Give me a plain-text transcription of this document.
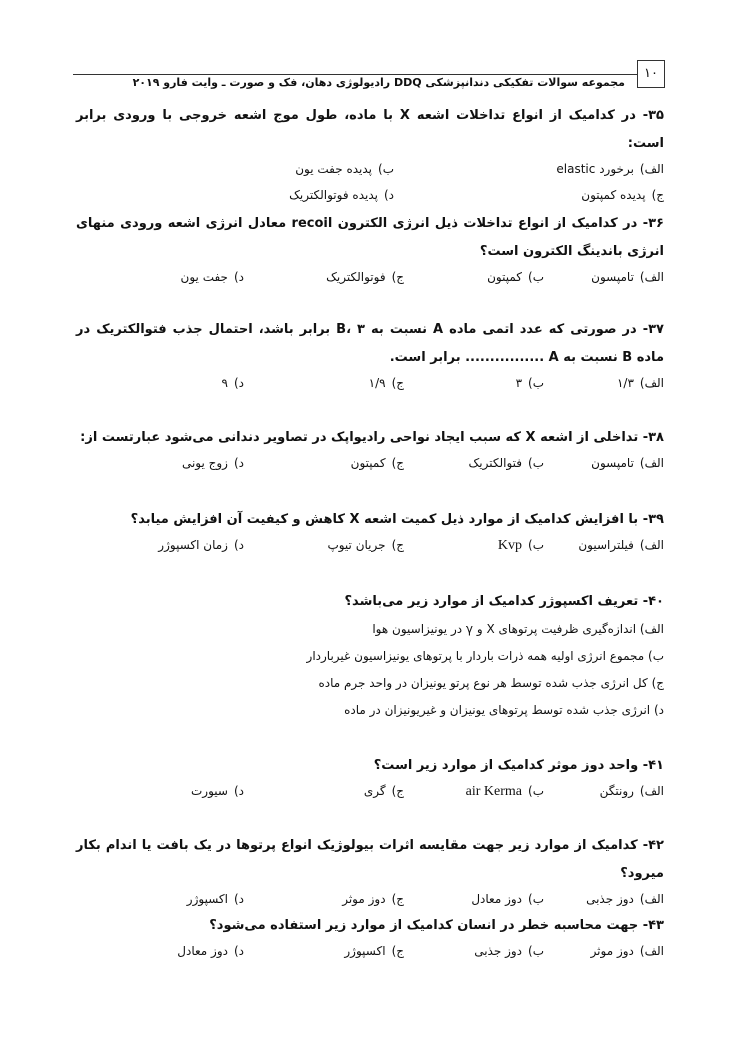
۱۰
مجموعه سوالات تفکیکی دندانپزشکی DDQ رادیولوژی دهان، فک و صورت ـ وایت فارو ۲۰۱۹

۳۵- در کدامیک از انواع تداخلات اشعه X با ماده، طول موج اشعه خروجی با ورودی برابر است:

الف)برخورد elastic
ب)پدیده جفت یون
ج)پدیده کمپتون
د)پدیده فوتوالکتریک

۳۶- در کدامیک از انواع تداخلات ذیل انرژی الکترون recoil معادل انرژی اشعه ورودی منهای انرژی باندینگ الکترون است؟

الف)تامپسون
ب)کمپتون
ج)فوتوالکتریک
د)جفت یون

۳۷- در صورتی که عدد اتمی ماده A نسبت به B، ۳ برابر باشد، احتمال جذب فتوالکتریک در ماده B نسبت به A ................ برابر است.

الف)۱/۳
ب)۳
ج)۱/۹
د)۹

۳۸- تداخلی از اشعه X که سبب ایجاد نواحی رادیواپک در تصاویر دندانی می‌شود عبارتست از:

الف)تامپسون
ب)فتوالکتریک
ج)کمپتون
د)زوج یونی

۳۹- با افزایش کدامیک از موارد ذیل کمیت اشعه X کاهش و کیفیت آن افزایش میابد؟

الف)فیلتراسیون
ب)Kvp
ج)جریان تیوپ
د)زمان اکسپوژر

۴۰- تعریف اکسپوژر کدامیک از موارد زیر می‌باشد؟

الف) اندازه‌گیری ظرفیت پرتوهای X و γ در یونیزاسیون هوا
ب) مجموع انرژی اولیه همه ذرات باردار با پرتوهای یونیزاسیون غیرباردار
ج) کل انرژی جذب شده توسط هر نوع پرتو یونیزان در واحد جرم ماده
د) انرژی جذب شده توسط پرتوهای یونیزان و غیریونیزان در ماده

۴۱- واحد دوز موثر کدامیک از موارد زیر است؟

الف)رونتگن
ب)air Kerma
ج)گری
د)سیورت

۴۲- کدامیک از موارد زیر جهت مقایسه اثرات بیولوژیک انواع پرتوها در یک بافت یا اندام بکار میرود؟

الف)دوز جذبی
ب)دوز معادل
ج)دوز موثر
د)اکسپوژر

۴۳- جهت محاسبه خطر در انسان کدامیک از موارد زیر استفاده می‌شود؟

الف)دوز موثر
ب)دوز جذبی
ج)اکسپوژر
د)دوز معادل
